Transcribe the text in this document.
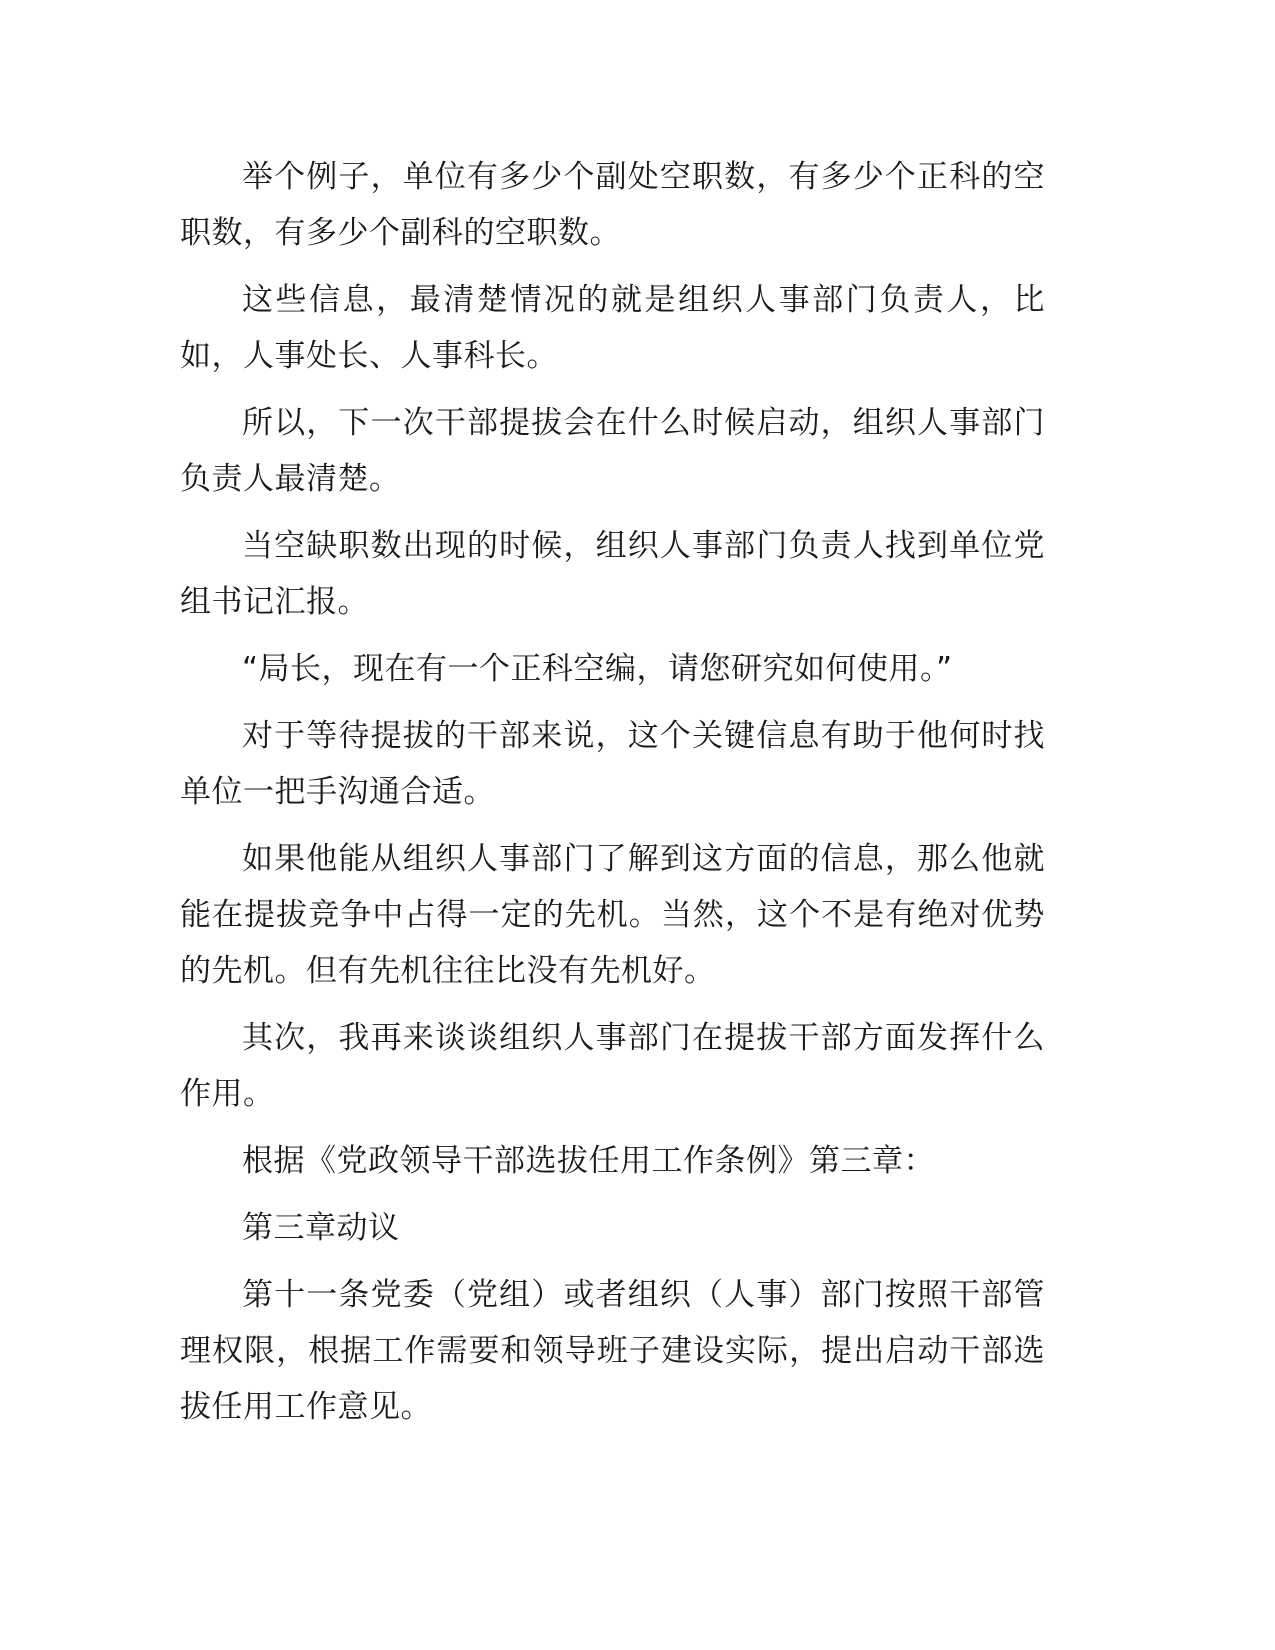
举个例子，单位有多少个副处空职数，有多少个正科的空职数，有多少个副科的空职数。

这些信息，最清楚情况的就是组织人事部门负责人，比如，人事处长、人事科长。

所以，下一次干部提拔会在什么时候启动，组织人事部门负责人最清楚。

当空缺职数出现的时候，组织人事部门负责人找到单位党组书记汇报。

“局长，现在有一个正科空编，请您研究如何使用。”

对于等待提拔的干部来说，这个关键信息有助于他何时找单位一把手沟通合适。

如果他能从组织人事部门了解到这方面的信息，那么他就能在提拔竞争中占得一定的先机。当然，这个不是有绝对优势的先机。但有先机往往比没有先机好。

其次，我再来谈谈组织人事部门在提拔干部方面发挥什么作用。

根据《党政领导干部选拔任用工作条例》第三章：

第三章动议

第十一条党委（党组）或者组织（人事）部门按照干部管理权限，根据工作需要和领导班子建设实际，提出启动干部选拔任用工作意见。
